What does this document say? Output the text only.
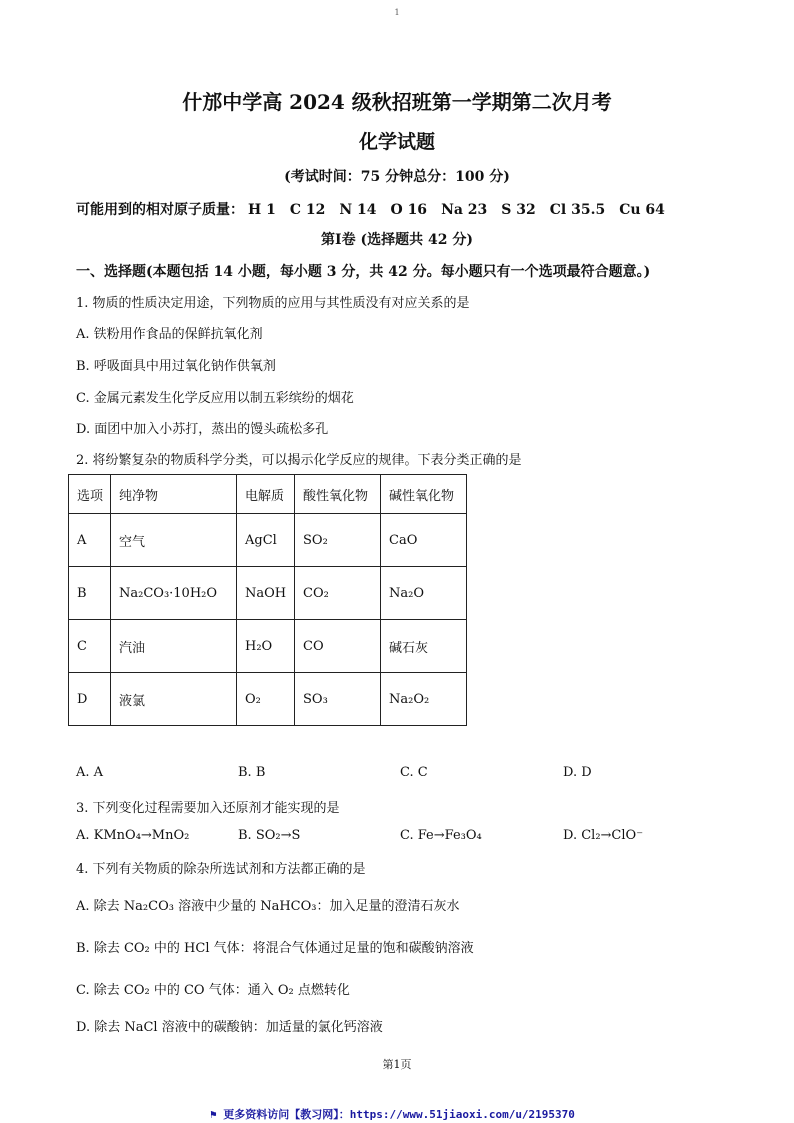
1
什邡中学高 2024 级秋招班第一学期第二次月考
化学试题
(考试时间：75 分钟总分：100 分)
可能用到的相对原子质量： H 1 C 12 N 14 O 16 Na 23 S 32 Cl 35.5 Cu 64
第Ⅰ卷 (选择题共 42 分)
一、选择题(本题包括 14 小题，每小题 3 分，共 42 分。每小题只有一个选项最符合题意。)
1. 物质的性质决定用途，下列物质的应用与其性质没有对应关系的是
A. 铁粉用作食品的保鲜抗氧化剂
B. 呼吸面具中用过氧化钠作供氧剂
C. 金属元素发生化学反应用以制五彩缤纷的烟花
D. 面团中加入小苏打，蒸出的馒头疏松多孔
2. 将纷繁复杂的物质科学分类，可以揭示化学反应的规律。下表分类正确的是
选项	纯净物	电解质	酸性氧化物	碱性氧化物
A	空气	AgCl	SO₂	CaO
B	Na₂CO₃·10H₂O	NaOH	CO₂	Na₂O
C	汽油	H₂O	CO	碱石灰
D	液氯	O₂	SO₃	Na₂O₂
A. A	B. B	C. C	D. D
3. 下列变化过程需要加入还原剂才能实现的是
A. KMnO₄→MnO₂	B. SO₂→S	C. Fe→Fe₃O₄	D. Cl₂→ClO⁻
4. 下列有关物质的除杂所选试剂和方法都正确的是
A. 除去 Na₂CO₃ 溶液中少量的 NaHCO₃：加入足量的澄清石灰水
B. 除去 CO₂ 中的 HCl 气体：将混合气体通过足量的饱和碳酸钠溶液
C. 除去 CO₂ 中的 CO 气体：通入 O₂ 点燃转化
D. 除去 NaCl 溶液中的碳酸钠：加适量的氯化钙溶液
第1页
⚑ 更多资料访问【教习网】：https://www.51jiaoxi.com/u/2195370
